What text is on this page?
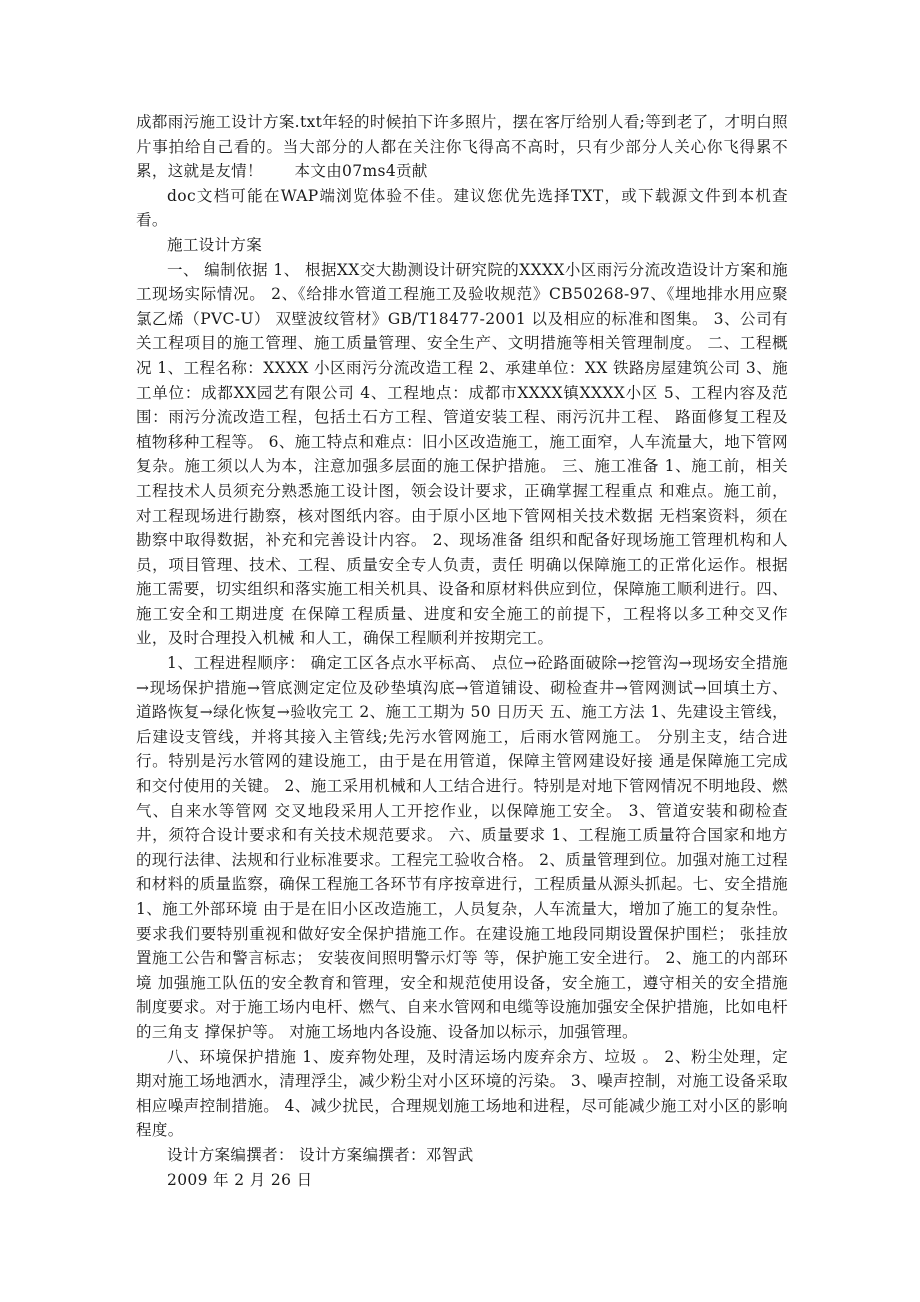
成都雨污施工设计方案.txt年轻的时候拍下许多照片，摆在客厅给别人看;等到老了，才明白照片事拍给自己看的。当大部分的人都在关注你飞得高不高时，只有少部分人关心你飞得累不累，这就是友情！　　本文由07ms4贡献

doc文档可能在WAP端浏览体验不佳。建议您优先选择TXT，或下载源文件到本机查看。

施工设计方案

一、 编制依据 1、 根据XX交大勘测设计研究院的XXXX小区雨污分流改造设计方案和施工现场实际情况。 2、《给排水管道工程施工及验收规范》CB50268-97、《埋地排水用应聚氯乙烯（PVC-U） 双壁波纹管材》GB/T18477-2001 以及相应的标准和图集。 3、公司有关工程项目的施工管理、施工质量管理、安全生产、文明措施等相关管理制度。 二、工程概况 1、工程名称：XXXX 小区雨污分流改造工程 2、承建单位：XX 铁路房屋建筑公司 3、施工单位：成都XX园艺有限公司 4、工程地点：成都市XXXX镇XXXX小区 5、工程内容及范围：雨污分流改造工程，包括土石方工程、管道安装工程、雨污沉井工程、 路面修复工程及植物移种工程等。 6、施工特点和难点：旧小区改造施工，施工面窄，人车流量大，地下管网复杂。施工须以人为本，注意加强多层面的施工保护措施。 三、施工准备 1、施工前，相关工程技术人员须充分熟悉施工设计图，领会设计要求，正确掌握工程重点 和难点。施工前，对工程现场进行勘察，核对图纸内容。由于原小区地下管网相关技术数据 无档案资料，须在勘察中取得数据，补充和完善设计内容。 2、现场准备 组织和配备好现场施工管理机构和人员，项目管理、技术、工程、质量安全专人负责，责任 明确以保障施工的正常化运作。根据施工需要，切实组织和落实施工相关机具、设备和原材料供应到位，保障施工顺利进行。四、施工安全和工期进度 在保障工程质量、进度和安全施工的前提下，工程将以多工种交叉作业，及时合理投入机械 和人工，确保工程顺利并按期完工。

1、工程进程顺序： 确定工区各点水平标高、 点位→砼路面破除→挖管沟→现场安全措施→现场保护措施→管底测定定位及砂垫填沟底→管道铺设、砌检查井→管网测试→回填土方、 道路恢复→绿化恢复→验收完工 2、施工工期为 50 日历天 五、施工方法 1、先建设主管线，后建设支管线，并将其接入主管线;先污水管网施工，后雨水管网施工。 分别主支，结合进行。特别是污水管网的建设施工，由于是在用管道，保障主管网建设好接 通是保障施工完成和交付使用的关键。 2、施工采用机械和人工结合进行。特别是对地下管网情况不明地段、燃气、自来水等管网 交叉地段采用人工开挖作业，以保障施工安全。 3、管道安装和砌检查井，须符合设计要求和有关技术规范要求。 六、质量要求 1、工程施工质量符合国家和地方的现行法律、法规和行业标准要求。工程完工验收合格。 2、质量管理到位。加强对施工过程和材料的质量监察，确保工程施工各环节有序按章进行，工程质量从源头抓起。七、安全措施 1、施工外部环境 由于是在旧小区改造施工，人员复杂，人车流量大，增加了施工的复杂性。要求我们要特别重视和做好安全保护措施工作。在建设施工地段同期设置保护围栏； 张挂放置施工公告和警言标志； 安装夜间照明警示灯等 等，保护施工安全进行。 2、施工的内部环境 加强施工队伍的安全教育和管理，安全和规范使用设备，安全施工，遵守相关的安全措施制度要求。对于施工场内电杆、燃气、自来水管网和电缆等设施加强安全保护措施，比如电杆的三角支 撑保护等。 对施工场地内各设施、设备加以标示，加强管理。

八、环境保护措施 1、废弃物处理，及时清运场内废弃余方、垃圾 。 2、粉尘处理，定期对施工场地洒水，清理浮尘，减少粉尘对小区环境的污染。 3、噪声控制，对施工设备采取相应噪声控制措施。 4、减少扰民，合理规划施工场地和进程，尽可能减少施工对小区的影响程度。

设计方案编撰者： 设计方案编撰者：邓智武

2009 年 2 月 26 日
